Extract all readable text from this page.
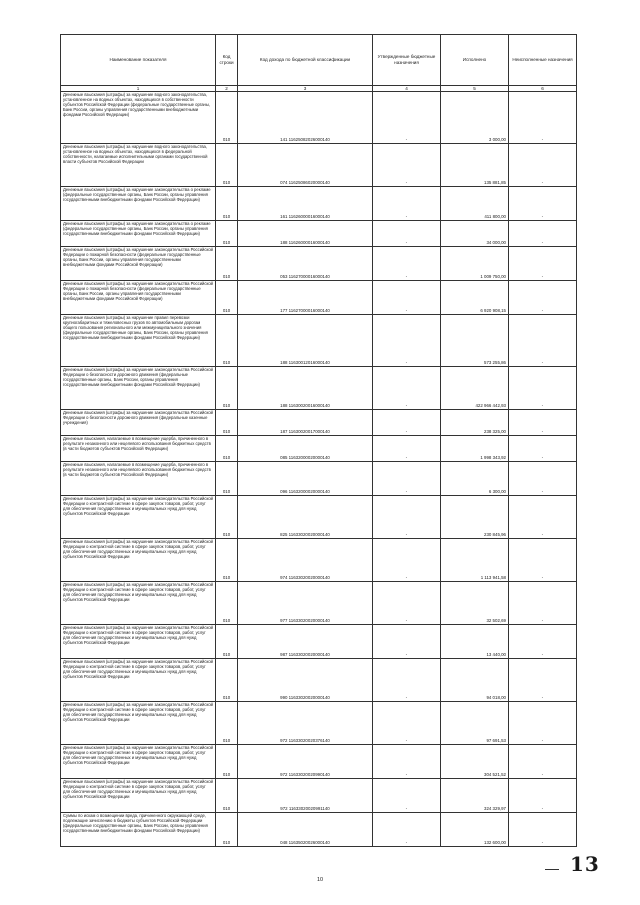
Наименование показателя	Код строки	Код дохода по бюджетной классификации	Утвержденные бюджетные назначения	Исполнено	Неисполненные назначения
1	2	3	4	5	6
Денежные взыскания (штрафы) за нарушение водного законодательства, установленное на водных объектах, находящихся в собственности субъектов Российской Федерации (федеральные государственные органы, Банк России, органы управления государственными внебюджетными фондами Российской Федерации)	010	141 11625082026000140	-	3 000,00	-
Денежные взыскания (штрафы) за нарушение водного законодательства, установленное на водных объектах, находящихся в федеральной собственности, налагаемые исполнительными органами государственной власти субъектов Российской Федерации	010	074 11625086020000140	-	135 881,85	-
Денежные взыскания (штрафы) за нарушение законодательства о рекламе (федеральные государственные органы, Банк России, органы управления государственными внебюджетными фондами Российской Федерации)	010	161 11626000016000140	-	411 800,00	-
Денежные взыскания (штрафы) за нарушение законодательства о рекламе (федеральные государственные органы, Банк России, органы управления государственными внебюджетными фондами Российской Федерации)	010	188 11626000016000140	-	34 000,00	-
Денежные взыскания (штрафы) за нарушение законодательства Российской Федерации о пожарной безопасности (федеральные государственные органы, Банк России, органы управления государственными внебюджетными фондами Российской Федерации)	010	053 11627000016000140	-	1 009 750,00	-
Денежные взыскания (штрафы) за нарушение законодательства Российской Федерации о пожарной безопасности (федеральные государственные органы, Банк России, органы управления государственными внебюджетными фондами Российской Федерации)	010	177 11627000016000140	-	6 920 908,15	-
Денежные взыскания (штрафы) за нарушение правил перевозки крупногабаритных и тяжеловесных грузов по автомобильным дорогам общего пользования регионального или межмуниципального значения (федеральные государственные органы, Банк России, органы управления государственными внебюджетными фондами Российской Федерации)	010	188 11630012016000140	-	573 255,86	-
Денежные взыскания (штрафы) за нарушение законодательства Российской Федерации о безопасности дорожного движения (федеральные государственные органы, Банк России, органы управления государственными внебюджетными фондами Российской Федерации)	010	188 11630020016000140	-	422 966 442,93	-
Денежные взыскания (штрафы) за нарушение законодательства Российской Федерации о безопасности дорожного движения (федеральные казенные учреждения)	010	187 11630020017000140	-	238 325,00	-
Денежные взыскания, налагаемые в возмещение ущерба, причиненного в результате незаконного или нецелевого использования бюджетных средств (в части бюджетов субъектов Российской Федерации)	010	085 11632000020000140	-	1 998 343,92	-
Денежные взыскания, налагаемые в возмещение ущерба, причиненного в результате незаконного или нецелевого использования бюджетных средств (в части бюджетов субъектов Российской Федерации)	010	096 11632000020000140	-	6 300,00	-
Денежные взыскания (штрафы) за нарушение законодательства Российской Федерации о контрактной системе в сфере закупок товаров, работ, услуг для обеспечения государственных и муниципальных нужд для нужд субъектов Российской Федерации	010	825 11633020020000140	-	230 845,96	-
Денежные взыскания (штрафы) за нарушение законодательства Российской Федерации о контрактной системе в сфере закупок товаров, работ, услуг для обеспечения государственных и муниципальных нужд для нужд субъектов Российской Федерации	010	974 11633020020000140	-	1 113 941,58	-
Денежные взыскания (штрафы) за нарушение законодательства Российской Федерации о контрактной системе в сфере закупок товаров, работ, услуг для обеспечения государственных и муниципальных нужд для нужд субъектов Российской Федерации	010	977 11633020020000140	-	32 502,69	-
Денежные взыскания (штрафы) за нарушение законодательства Российской Федерации о контрактной системе в сфере закупок товаров, работ, услуг для обеспечения государственных и муниципальных нужд для нужд субъектов Российской Федерации	010	987 11633020020000140	-	13 440,00	-
Денежные взыскания (штрафы) за нарушение законодательства Российской Федерации о контрактной системе в сфере закупок товаров, работ, услуг для обеспечения государственных и муниципальных нужд для нужд субъектов Российской Федерации	010	990 11633020020000140	-	94 018,00	-
Денежные взыскания (штрафы) за нарушение законодательства Российской Федерации о контрактной системе в сфере закупок товаров, работ, услуг для обеспечения государственных и муниципальных нужд для нужд субъектов Российской Федерации	010	972 11633020020376140	-	97 691,53	-
Денежные взыскания (штрафы) за нарушение законодательства Российской Федерации о контрактной системе в сфере закупок товаров, работ, услуг для обеспечения государственных и муниципальных нужд для нужд субъектов Российской Федерации	010	972 11633020020990140	-	304 521,52	-
Денежные взыскания (штрафы) за нарушение законодательства Российской Федерации о контрактной системе в сфере закупок товаров, работ, услуг для обеспечения государственных и муниципальных нужд для нужд субъектов Российской Федерации	010	972 11633020020991140	-	324 329,97	-
Суммы по искам о возмещении вреда, причиненного окружающей среде, подлежащие зачислению в бюджеты субъектов Российской Федерации (федеральные государственные органы, Банк России, органы управления государственными внебюджетными фондами Российской Федерации)	010	048 11635020026000140	-	132 600,00	-
10
13
